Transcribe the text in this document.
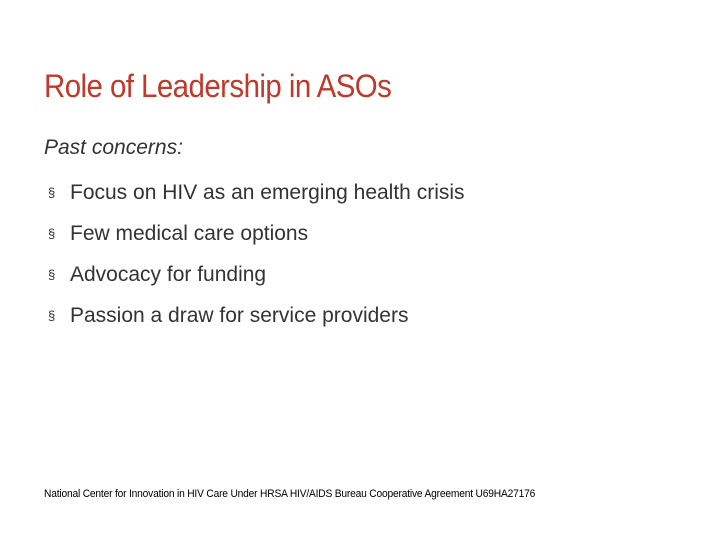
Role of Leadership in ASOs
Past concerns:
§ Focus on HIV as an emerging health crisis
§ Few medical care options
§ Advocacy for funding
§ Passion a draw for service providers
National Center for Innovation in HIV Care Under HRSA HIV/AIDS Bureau Cooperative Agreement U69HA27176
